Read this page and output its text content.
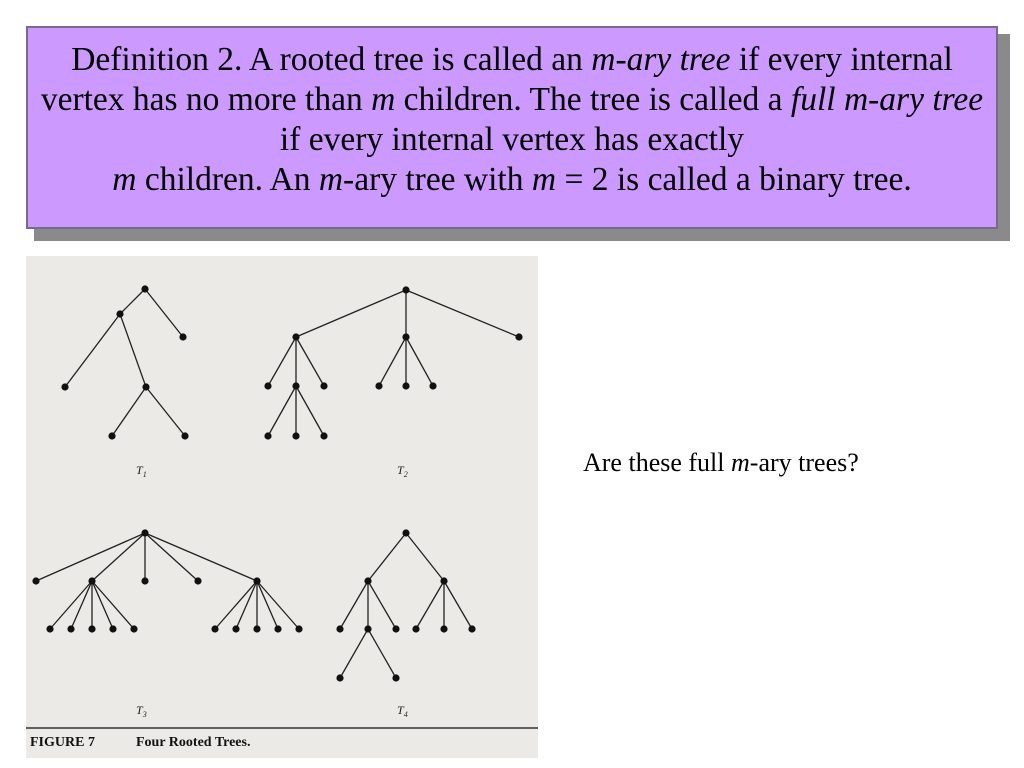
Definition 2. A rooted tree is called an m-ary tree if every internal vertex has no more than m children. The tree is called a full m-ary tree if every internal vertex has exactly
m children. An m-ary tree with m = 2 is called a binary tree.

$T_1$	$T_2$
$T_3$	$T_4$
FIGURE 7	Four Rooted Trees.
Are these full m-ary trees?
